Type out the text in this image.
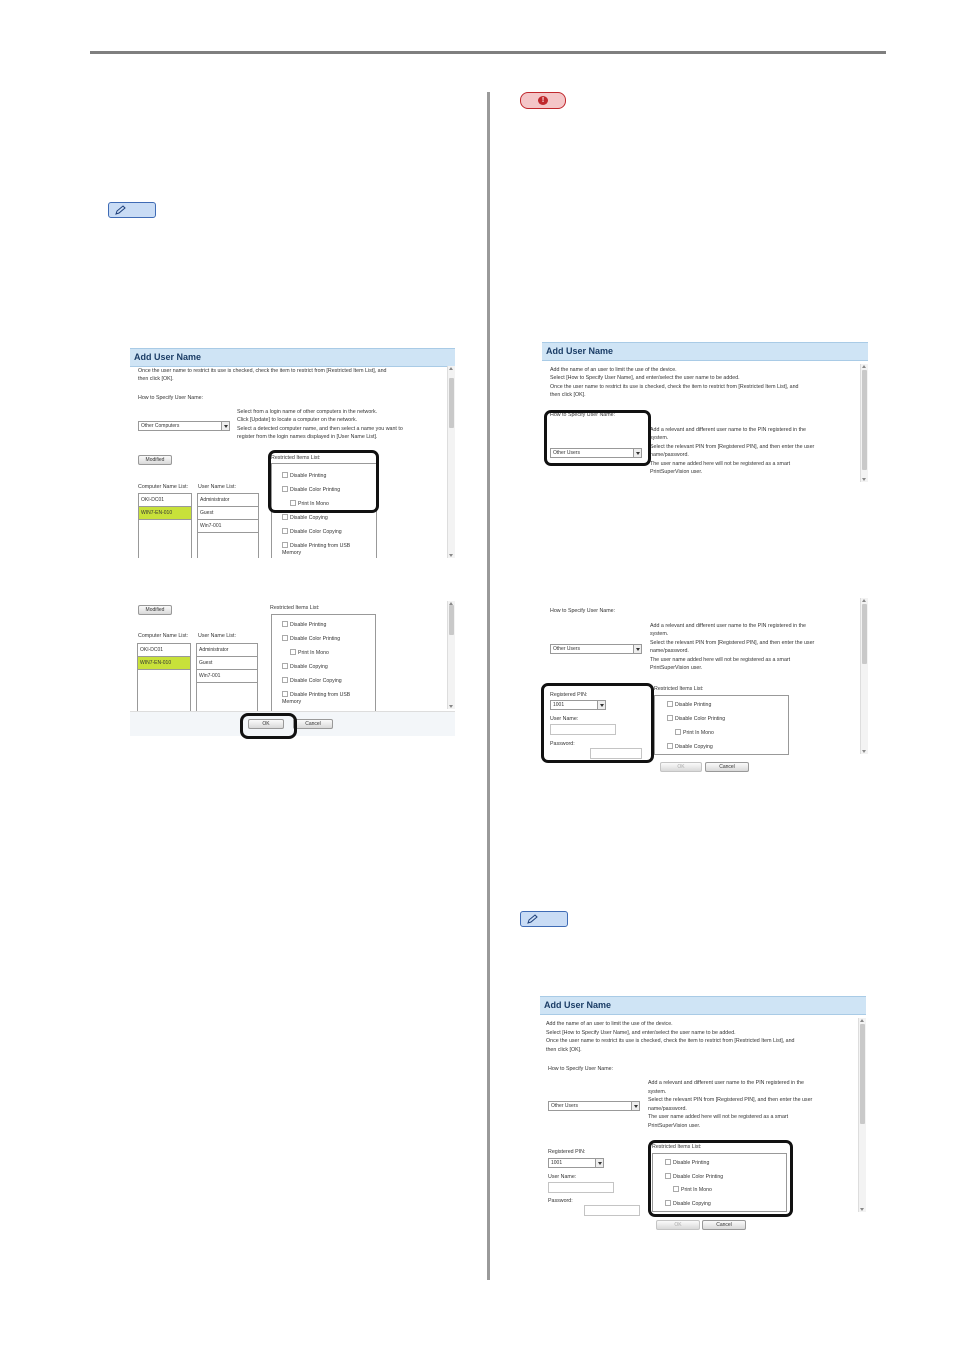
!
Add User Name
Once the user name to restrict its use is checked, check the item to restrict from [Restricted Item List], and
then click [OK].
How to Specify User Name:
Other Computers
Select from a login name of other computers in the network.
Click [Update] to locate a computer on the network.
Select a detected computer name, and then select a name you want to
register from the login names displayed in [User Name List].
Modified	Restricted Items List:
Computer Name List: User Name List:
OKI-DC01
WIN7-EN-010
Administrator
Guest
Win7-001
Disable Printing
Disable Color Printing
Print In Mono
Disable Copying
Disable Color Copying
Disable Printing from USB
Memory
Modified	Restricted Items List:
Computer Name List: User Name List:
OKI-DC01
WIN7-EN-010
Administrator
Guest
Win7-001
Disable Printing
Disable Color Printing
Print In Mono
Disable Copying
Disable Color Copying
Disable Printing from USB
Memory
OK	Cancel
Add User Name
Add the name of an user to limit the use of the device.
Select [How to Specify User Name], and enter/select the user name to be added.
Once the user name to restrict its use is checked, check the item to restrict from [Restricted Item List], and
then click [OK].
How to Specify User Name:
Other Users
Add a relevant and different user name to the PIN registered in the
system.
Select the relevant PIN from [Registered PIN], and then enter the user
name/password.
The user name added here will not be registered as a smart
PrintSuperVision user.
How to Specify User Name:
Other Users
Add a relevant and different user name to the PIN registered in the
system.
Select the relevant PIN from [Registered PIN], and then enter the user
name/password.
The user name added here will not be registered as a smart
PrintSuperVision user.
Registered PIN:
1001
User Name:
Password:
Restricted Items List:
Disable Printing
Disable Color Printing
Print In Mono
Disable Copying
OK	Cancel
Add User Name
Add the name of an user to limit the use of the device.
Select [How to Specify User Name], and enter/select the user name to be added.
Once the user name to restrict its use is checked, check the item to restrict from [Restricted Item List], and
then click [OK].
How to Specify User Name:
Other Users
Add a relevant and different user name to the PIN registered in the
system.
Select the relevant PIN from [Registered PIN], and then enter the user
name/password.
The user name added here will not be registered as a smart
PrintSuperVision user.
Registered PIN:
1001
User Name:
Password:
Restricted Items List:
Disable Printing
Disable Color Printing
Print In Mono
Disable Copying
OK	Cancel
